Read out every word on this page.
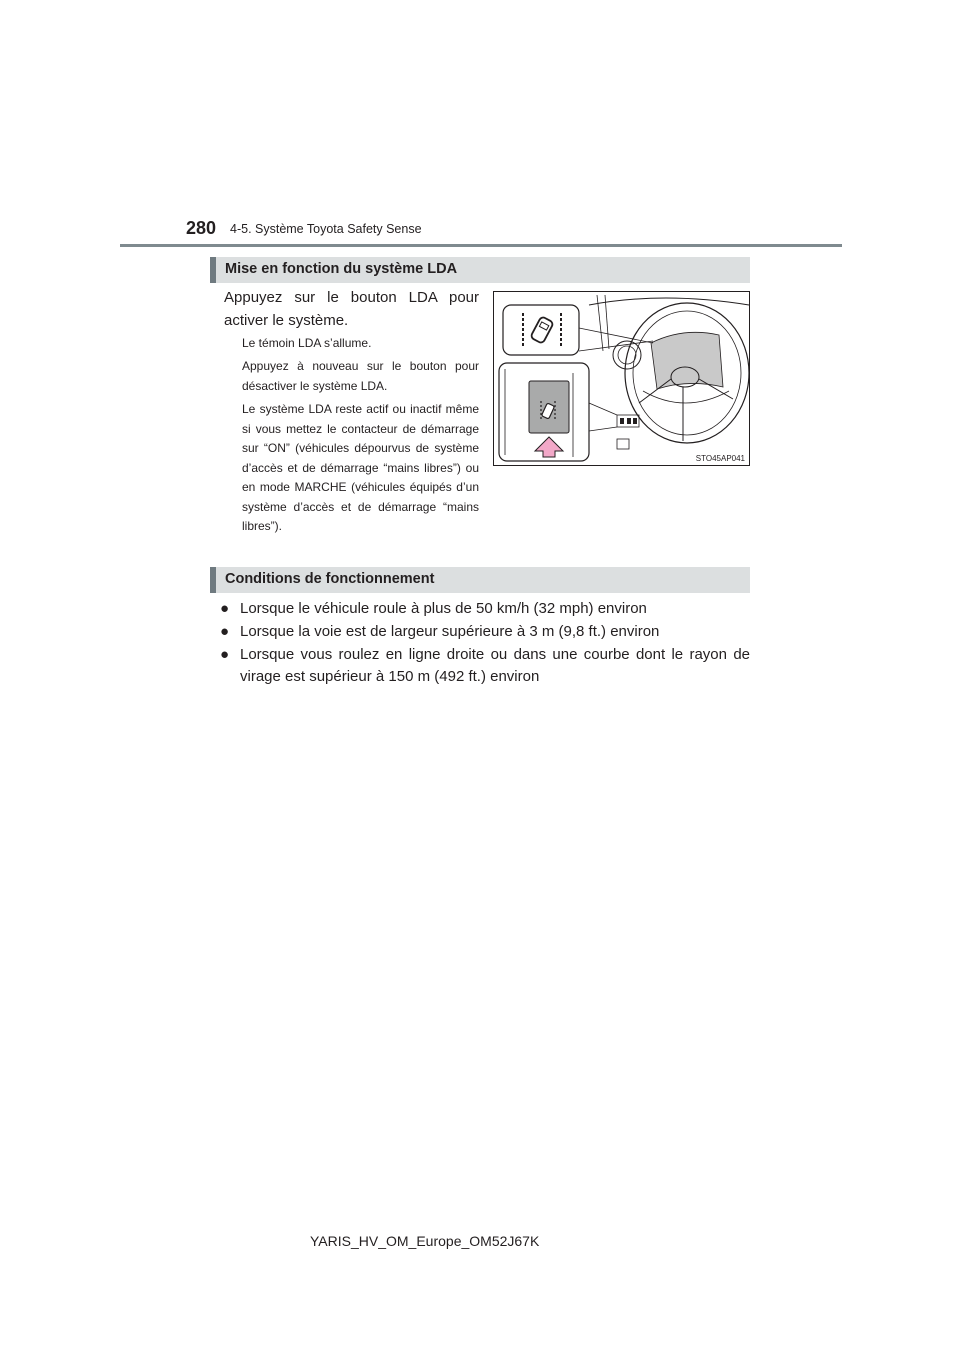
280 4-5. Système Toyota Safety Sense
Mise en fonction du système LDA

Appuyez sur le bouton LDA pour activer le système.

Le témoin LDA s’allume.

Appuyez à nouveau sur le bouton pour désactiver le système LDA.

Le système LDA reste actif ou inactif même si vous mettez le contacteur de démarrage sur “ON” (véhicules dépourvus de système d’accès et de démarrage “mains libres”) ou en mode MARCHE (véhicules équipés d’un système d’accès et de démarrage “mains libres”).

STO45AP041
Conditions de fonctionnement
● Lorsque le véhicule roule à plus de 50 km/h (32 mph) environ
● Lorsque la voie est de largeur supérieure à 3 m (9,8 ft.) environ
● Lorsque vous roulez en ligne droite ou dans une courbe dont le rayon de virage est supérieur à 150 m (492 ft.) environ
YARIS_HV_OM_Europe_OM52J67K
